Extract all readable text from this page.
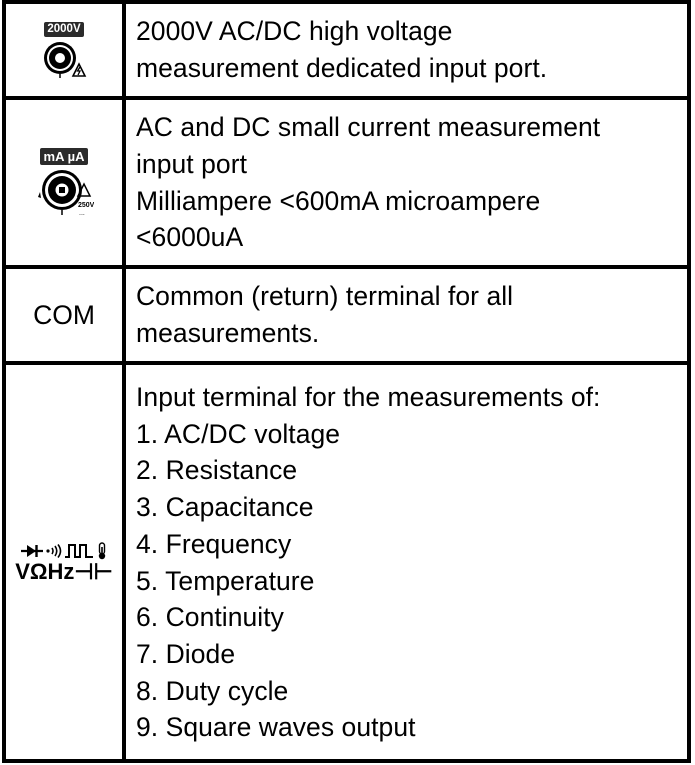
2000V 2000V AC/DC high voltage
measurement dedicated input port.
mA µA
250V
...
AC and DC small current measurement
input port
Milliampere <600mA microampere
<6000uA
COM
Common (return) terminal for all
measurements.
VΩHz⊣⊢
Input terminal for the measurements of:
1. AC/DC voltage
2. Resistance
3. Capacitance
4. Frequency
5. Temperature
6. Continuity
7. Diode
8. Duty cycle
9. Square waves output
